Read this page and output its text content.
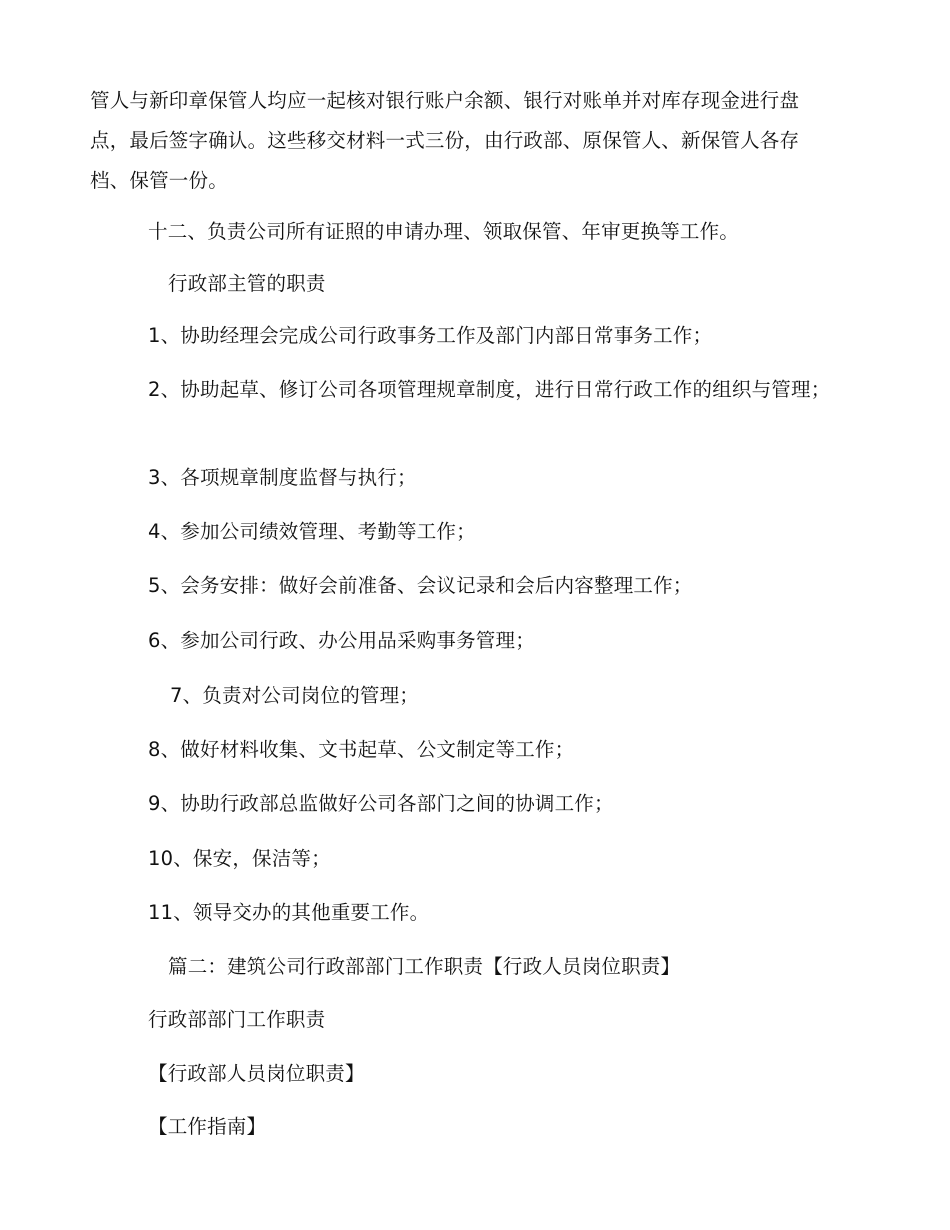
管人与新印章保管人均应一起核对银行账户余额、银行对账单并对库存现金进行盘
点，最后签字确认。这些移交材料一式三份，由行政部、原保管人、新保管人各存
档、保管一份。
十二、负责公司所有证照的申请办理、领取保管、年审更换等工作。
行政部主管的职责
1、协助经理会完成公司行政事务工作及部门内部日常事务工作；
2、协助起草、修订公司各项管理规章制度，进行日常行政工作的组织与管理；
3、各项规章制度监督与执行；
4、参加公司绩效管理、考勤等工作；
5、会务安排：做好会前准备、会议记录和会后内容整理工作；
6、参加公司行政、办公用品采购事务管理；
7、负责对公司岗位的管理；
8、做好材料收集、文书起草、公文制定等工作；
9、协助行政部总监做好公司各部门之间的协调工作；
10、保安，保洁等；
11、领导交办的其他重要工作。
篇二：建筑公司行政部部门工作职责【行政人员岗位职责】
行政部部门工作职责
【行政部人员岗位职责】
【工作指南】
